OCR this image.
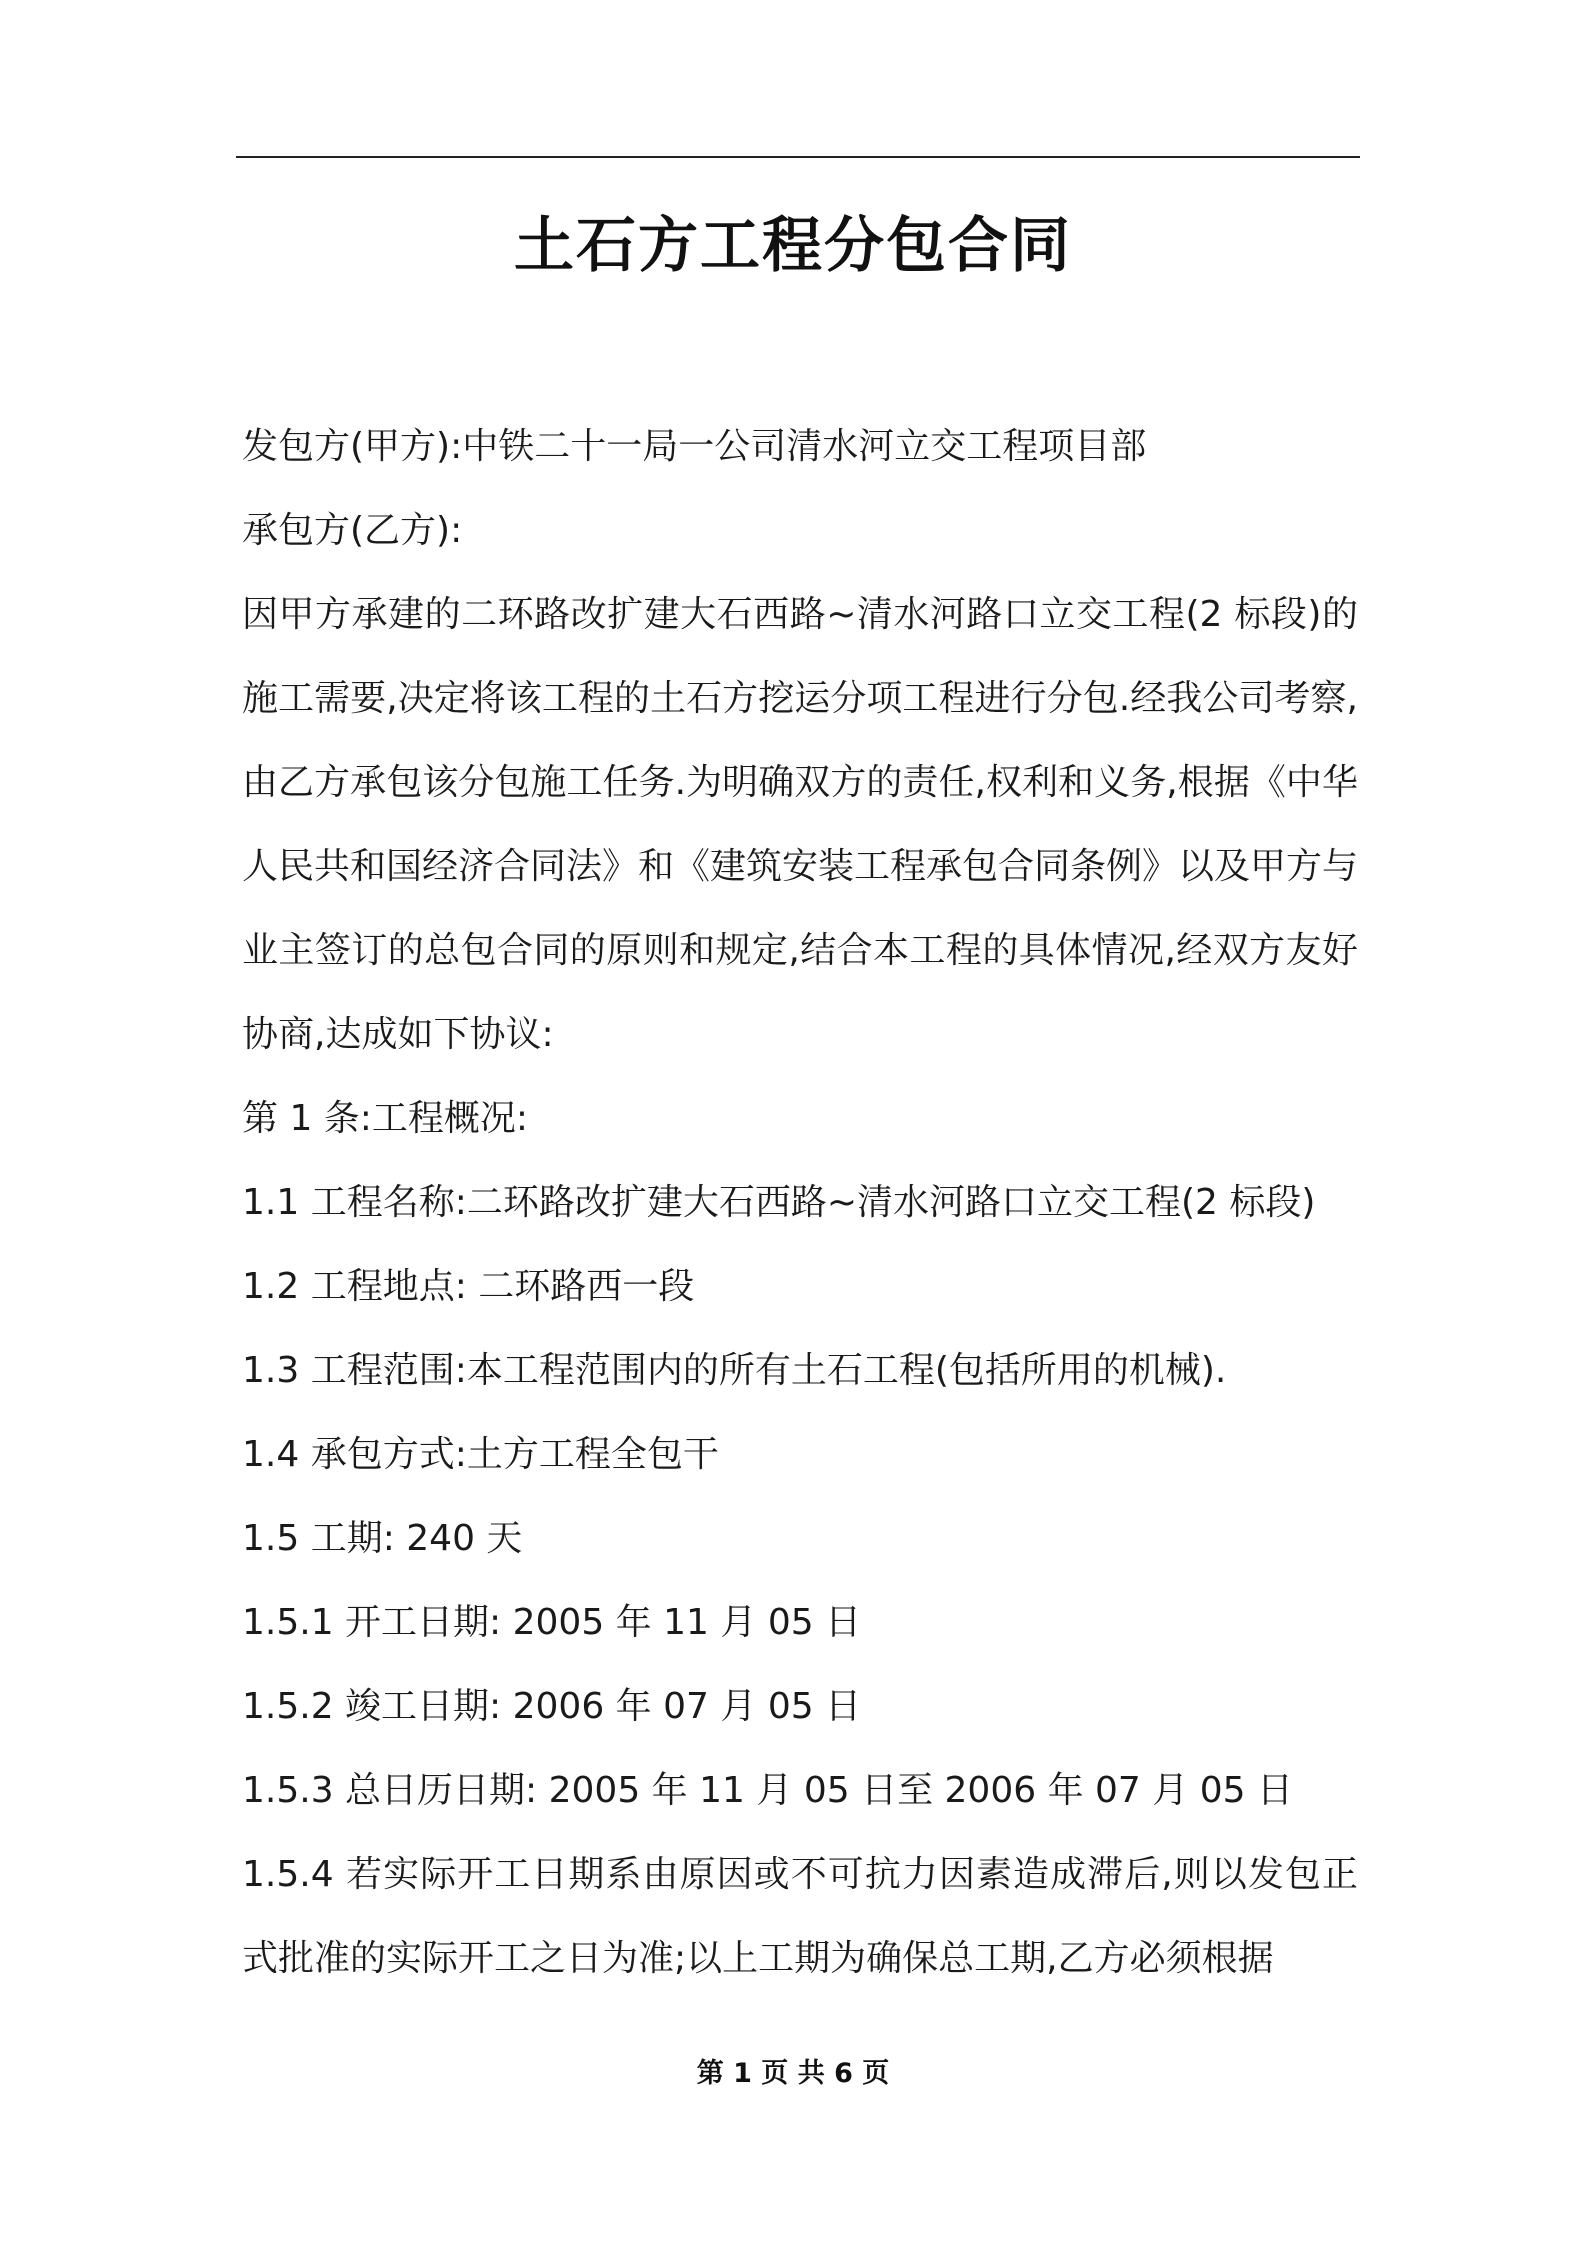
土石方工程分包合同

发包方(甲方):中铁二十一局一公司清水河立交工程项目部

承包方(乙方):

因甲方承建的二环路改扩建大石西路~清水河路口立交工程(2 标段)的施工需要,决定将该工程的土石方挖运分项工程进行分包.经我公司考察,由乙方承包该分包施工任务.为明确双方的责任,权利和义务,根据《中华人民共和国经济合同法》和《建筑安装工程承包合同条例》以及甲方与业主签订的总包合同的原则和规定,结合本工程的具体情况,经双方友好协商,达成如下协议:

第 1 条:工程概况:

1.1 工程名称:二环路改扩建大石西路~清水河路口立交工程(2 标段)

1.2 工程地点: 二环路西一段

1.3 工程范围:本工程范围内的所有土石工程(包括所用的机械).

1.4 承包方式:土方工程全包干

1.5 工期: 240 天

1.5.1 开工日期: 2005 年 11 月 05 日

1.5.2 竣工日期: 2006 年 07 月 05 日

1.5.3 总日历日期: 2005 年 11 月 05 日至 2006 年 07 月 05 日

1.5.4 若实际开工日期系由原因或不可抗力因素造成滞后,则以发包正式批准的实际开工之日为准;以上工期为确保总工期,乙方必须根据

第 1 页 共 6 页
